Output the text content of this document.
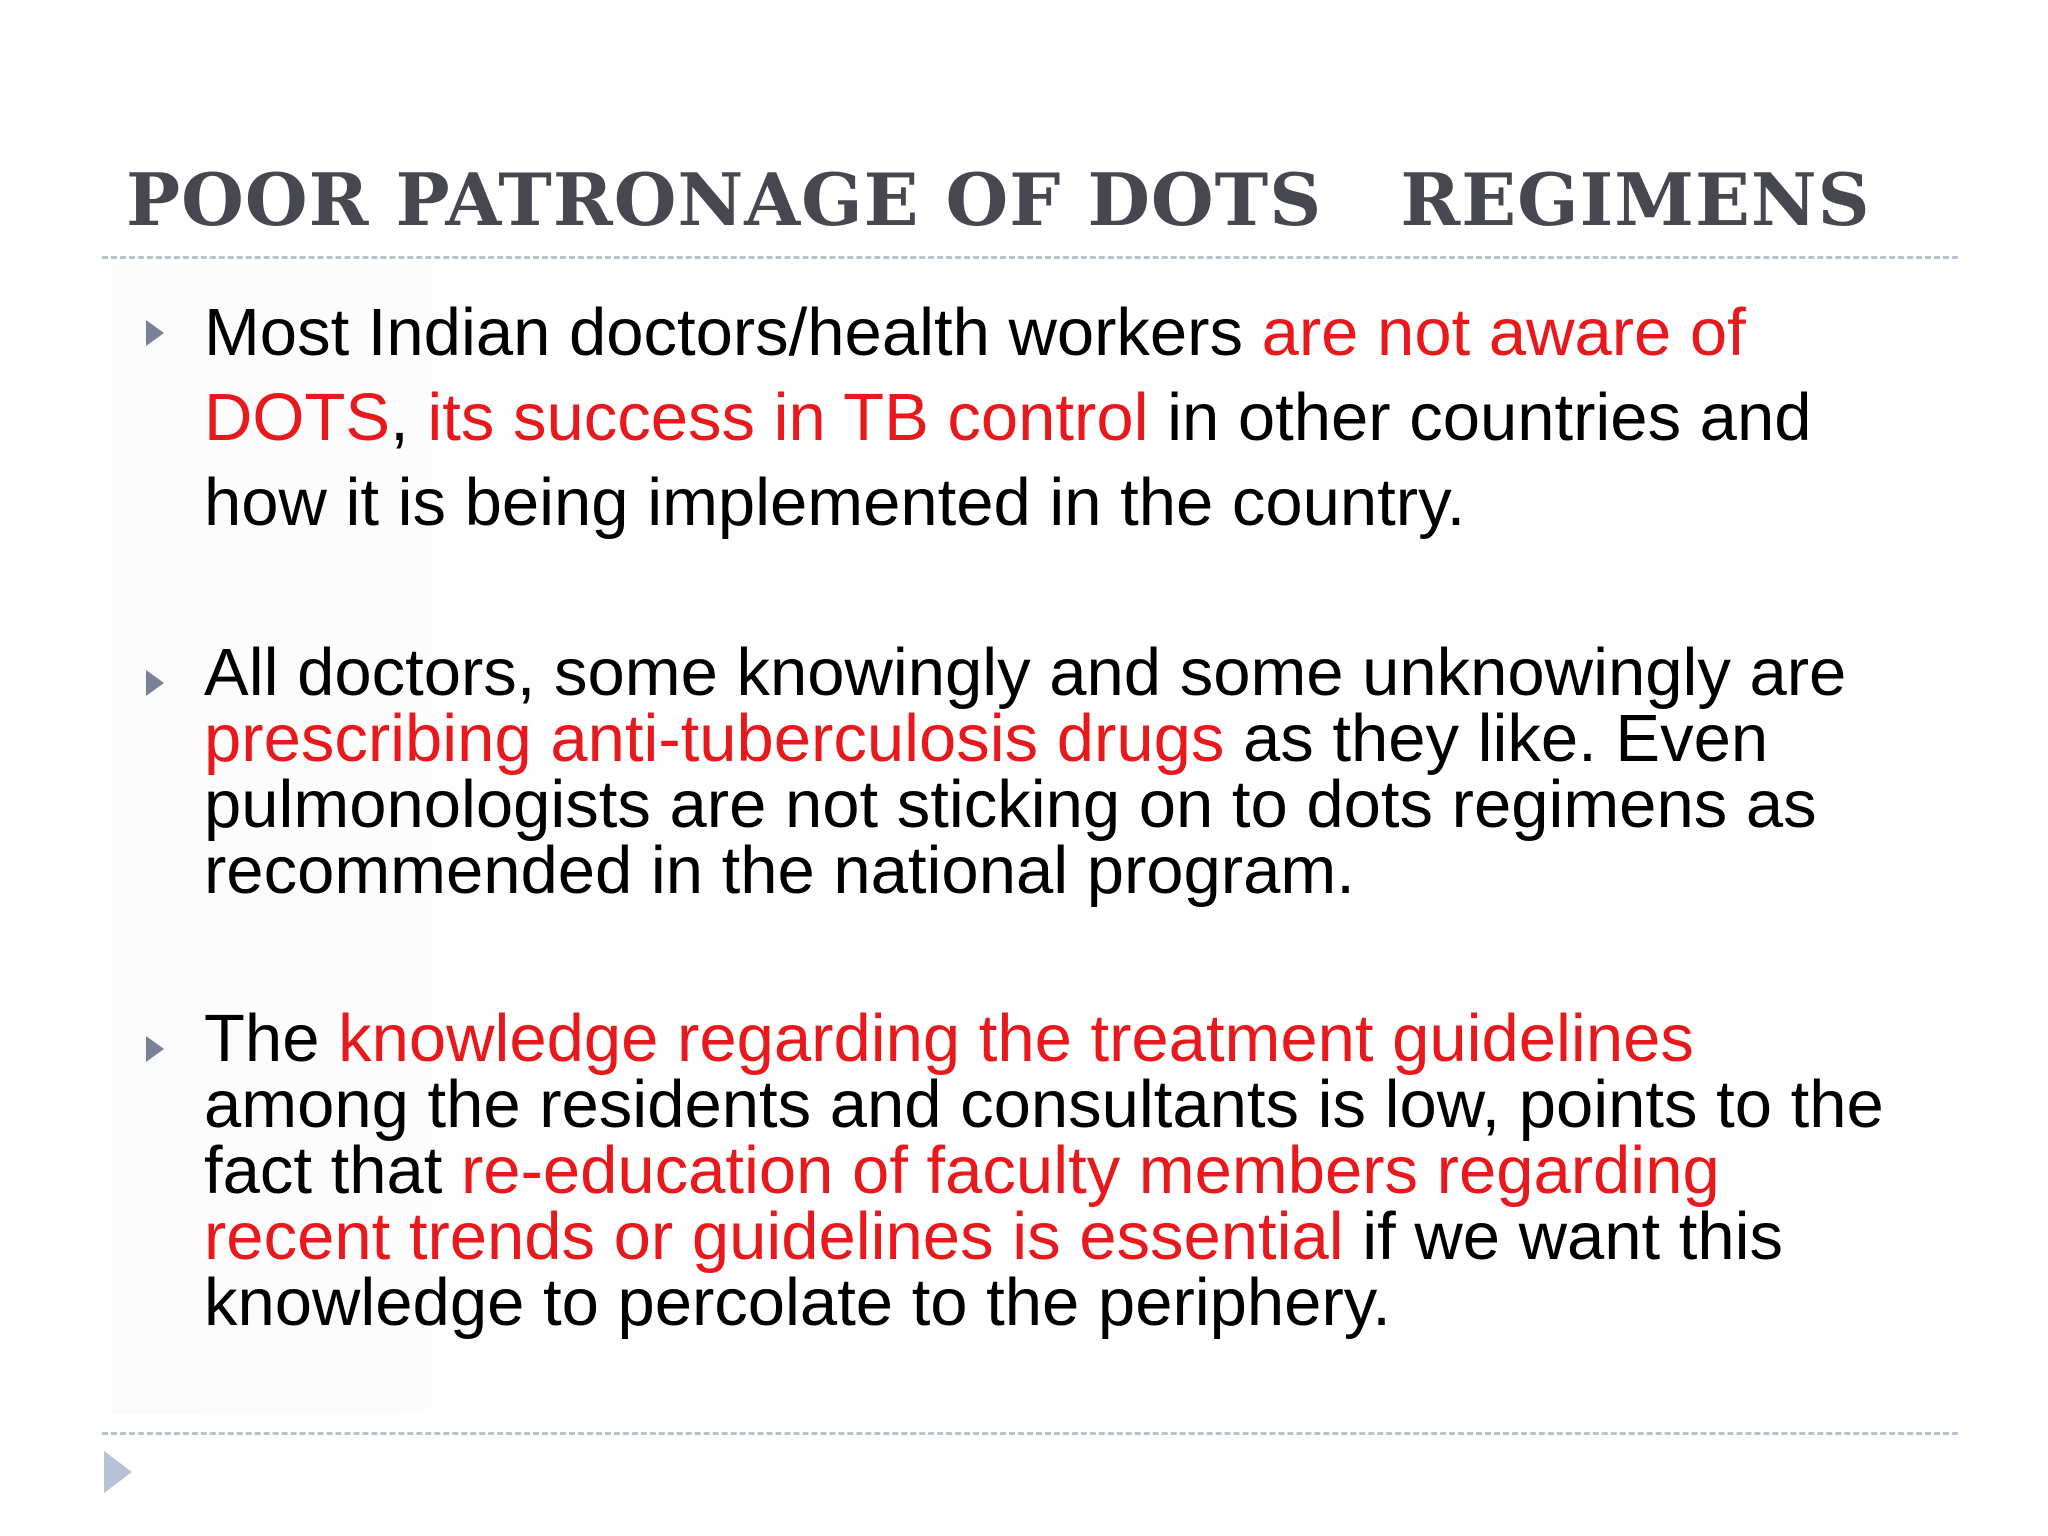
POOR PATRONAGE OF DOTS   REGIMENS

Most Indian doctors/health workers are not aware of DOTS, its success in TB control in other countries and how it is being implemented in the country.

All doctors, some knowingly and some unknowingly are prescribing anti-tuberculosis drugs as they like. Even pulmonologists are not sticking on to dots regimens as recommended in the national program.

The knowledge regarding the treatment guidelines among the residents and consultants is low, points to the fact that re-education of faculty members regarding recent trends or guidelines is essential if we want this knowledge to percolate to the periphery.
